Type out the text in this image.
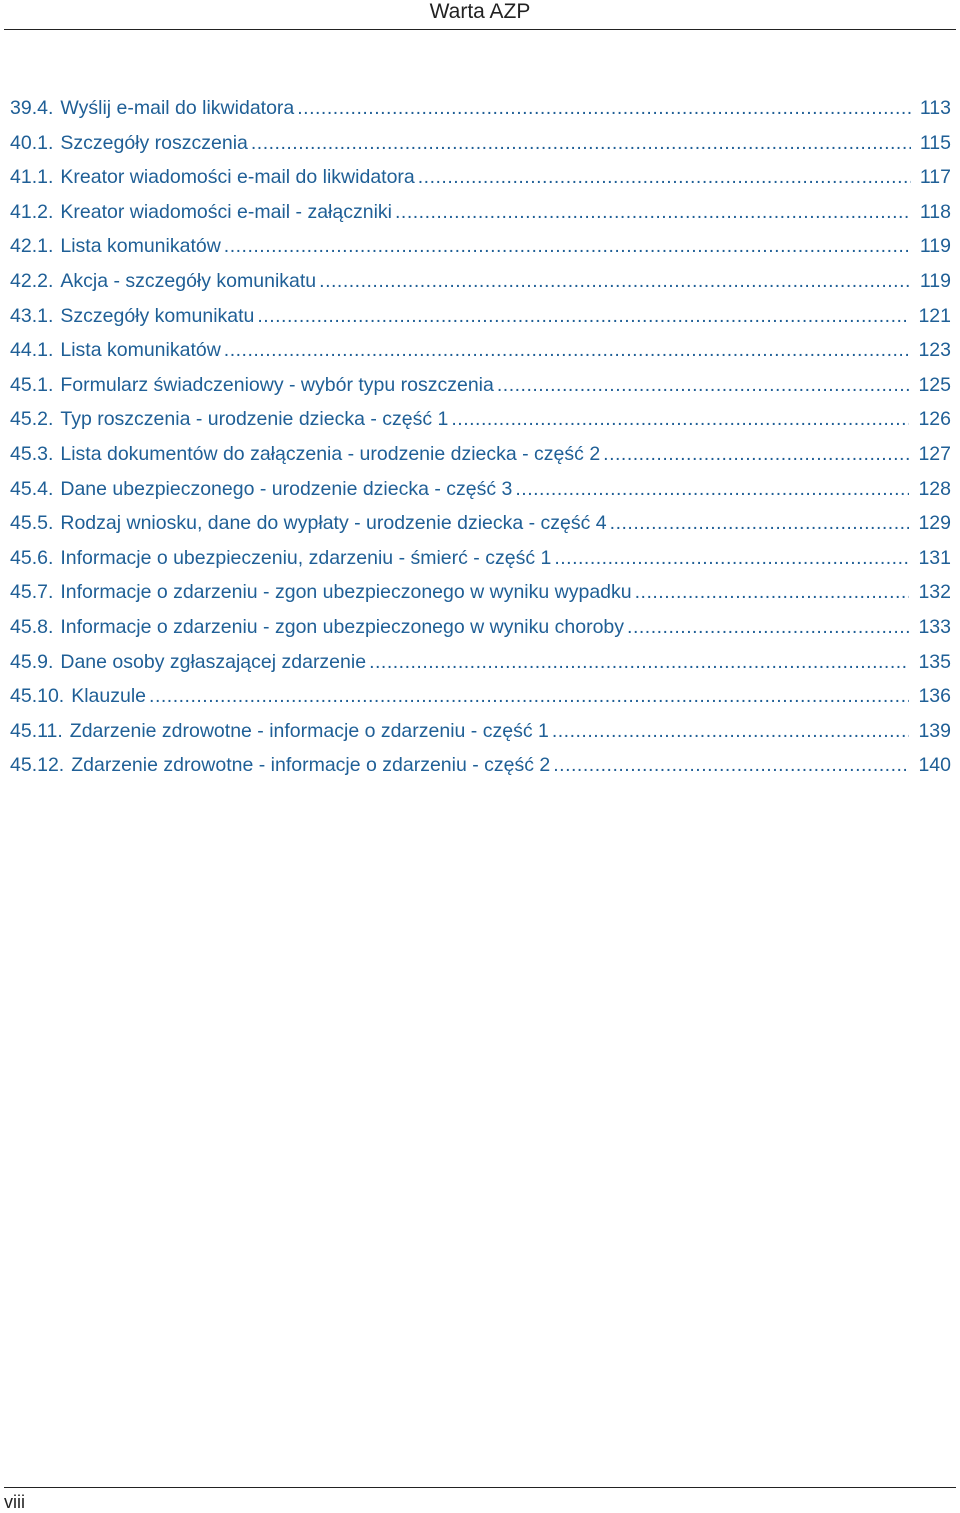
Warta AZP
39.4. Wyślij e-mail do likwidatora .....	113
40.1. Szczegóły roszczenia .....	115
41.1. Kreator wiadomości e-mail do likwidatora .....	117
41.2. Kreator wiadomości e-mail - załączniki .....	118
42.1. Lista komunikatów .....	119
42.2. Akcja - szczegóły komunikatu .....	119
43.1. Szczegóły komunikatu .....	121
44.1. Lista komunikatów .....	123
45.1. Formularz świadczeniowy - wybór typu roszczenia .....	125
45.2. Typ roszczenia - urodzenie dziecka - część 1 .....	126
45.3. Lista dokumentów do załączenia - urodzenie dziecka - część 2 .....	127
45.4. Dane ubezpieczonego - urodzenie dziecka - część 3 .....	128
45.5. Rodzaj wniosku, dane do wypłaty - urodzenie dziecka - część 4 .....	129
45.6. Informacje o ubezpieczeniu, zdarzeniu - śmierć - część 1 .....	131
45.7. Informacje o zdarzeniu - zgon ubezpieczonego w wyniku wypadku .....	132
45.8. Informacje o zdarzeniu - zgon ubezpieczonego w wyniku choroby .....	133
45.9. Dane osoby zgłaszającej zdarzenie .....	135
45.10. Klauzule .....	136
45.11. Zdarzenie zdrowotne - informacje o zdarzeniu - część 1 .....	139
45.12. Zdarzenie zdrowotne - informacje o zdarzeniu - część 2 .....	140
viii
